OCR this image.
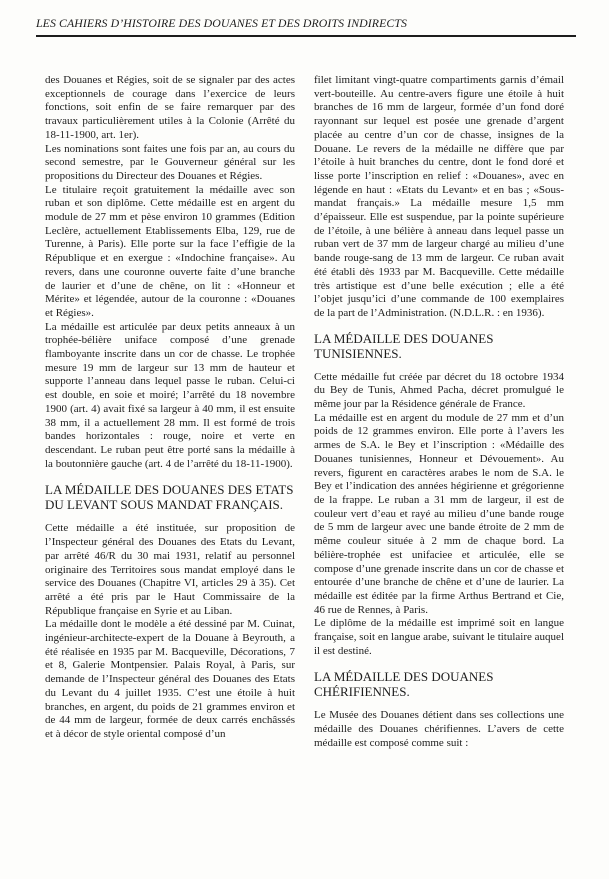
LES CAHIERS D’HISTOIRE DES DOUANES ET DES DROITS INDIRECTS

des Douanes et Régies, soit de se signaler par des actes exceptionnels de courage dans l’exercice de leurs fonctions, soit enfin de se faire remarquer par des travaux particulièrement utiles à la Colonie (Arrêté du 18-11-1900, art. 1er).

Les nominations sont faites une fois par an, au cours du second semestre, par le Gouverneur général sur les propositions du Directeur des Douanes et Régies.

Le titulaire reçoit gratuitement la médaille avec son ruban et son diplôme. Cette médaille est en argent du module de 27 mm et pèse environ 10 grammes (Edition Leclère, actuellement Etablissements Elba, 129, rue de Turenne, à Paris). Elle porte sur la face l’effigie de la République et en exergue : «Indochine française». Au revers, dans une couronne ouverte faite d’une branche de laurier et d’une de chêne, on lit : «Honneur et Mérite» et légendée, autour de la couronne : «Douanes et Régies».

La médaille est articulée par deux petits anneaux à un trophée-bélière uniface composé d’une grenade flamboyante inscrite dans un cor de chasse. Le trophée mesure 19 mm de largeur sur 13 mm de hauteur et supporte l’anneau dans lequel passe le ruban. Celui-ci est double, en soie et moiré; l’arrêté du 18 novembre 1900 (art. 4) avait fixé sa largeur à 40 mm, il est ensuite 38 mm, il a actuellement 28 mm. Il est formé de trois bandes horizontales : rouge, noire et verte en descendant. Le ruban peut être porté sans la médaille à la boutonnière gauche (art. 4 de l’arrêté du 18-11-1900).

LA MÉDAILLE DES DOUANES DES ETATS DU LEVANT SOUS MANDAT FRANÇAIS.

Cette médaille a été instituée, sur proposition de l’Inspecteur général des Douanes des Etats du Levant, par arrêté 46/R du 30 mai 1931, relatif au personnel originaire des Territoires sous mandat employé dans le service des Douanes (Chapitre VI, articles 29 à 35). Cet arrêté a été pris par le Haut Commissaire de la République française en Syrie et au Liban.

La médaille dont le modèle a été dessiné par M. Cuinat, ingénieur-architecte-expert de la Douane à Beyrouth, a été réalisée en 1935 par M. Bacqueville, Décorations, 7 et 8, Galerie Montpensier. Palais Royal, à Paris, sur demande de l’Inspecteur général des Douanes des Etats du Levant du 4 juillet 1935. C’est une étoile à huit branches, en argent, du poids de 21 grammes environ et de 44 mm de largeur, formée de deux carrés enchâssés et à décor de style oriental composé d’un

filet limitant vingt-quatre compartiments garnis d’émail vert-bouteille. Au centre-avers figure une étoile à huit branches de 16 mm de largeur, formée d’un fond doré rayonnant sur lequel est posée une grenade d’argent placée au centre d’un cor de chasse, insignes de la Douane. Le revers de la médaille ne diffère que par l’étoile à huit branches du centre, dont le fond doré et lisse porte l’inscription en relief : «Douanes», avec en légende en haut : «Etats du Levant» et en bas ; «Sous-mandat français.» La médaille mesure 1,5 mm d’épaisseur. Elle est suspendue, par la pointe supérieure de l’étoile, à une bélière à anneau dans lequel passe un ruban vert de 37 mm de largeur chargé au milieu d’une bande rouge-sang de 13 mm de largeur. Ce ruban avait été établi dès 1933 par M. Bacqueville. Cette médaille très artistique est d’une belle exécution ; elle a été l’objet jusqu’ici d’une commande de 100 exemplaires de la part de l’Administration. (N.D.L.R. : en 1936).

LA MÉDAILLE DES DOUANES TUNISIENNES.

Cette médaille fut créée par décret du 18 octobre 1934 du Bey de Tunis, Ahmed Pacha, décret promulgué le même jour par la Résidence générale de France.

La médaille est en argent du module de 27 mm et d’un poids de 12 grammes environ. Elle porte à l’avers les armes de S.A. le Bey et l’inscription : «Médaille des Douanes tunisiennes, Honneur et Dévouement». Au revers, figurent en caractères arabes le nom de S.A. le Bey et l’indication des années hégirienne et grégorienne de la frappe. Le ruban a 31 mm de largeur, il est de couleur vert d’eau et rayé au milieu d’une bande rouge de 5 mm de largeur avec une bande étroite de 2 mm de même couleur située à 2 mm de chaque bord. La bélière-trophée est unifaciee et articulée, elle se compose d’une grenade inscrite dans un cor de chasse et entourée d’une branche de chêne et d’une de laurier. La médaille est éditée par la firme Arthus Bertrand et Cie, 46 rue de Rennes, à Paris.

Le diplôme de la médaille est imprimé soit en langue française, soit en langue arabe, suivant le titulaire auquel il est destiné.

LA MÉDAILLE DES DOUANES CHÉRIFIENNES.

Le Musée des Douanes détient dans ses collections une médaille des Douanes chérifiennes. L’avers de cette médaille est composé comme suit :
